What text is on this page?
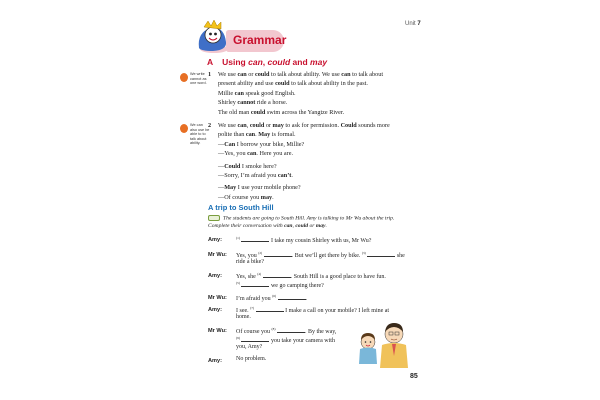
Unit 7
Grammar
A Using can, could and may
We write cannot as one word.
We can also use be able to to talk about ability.
1 We use can or could to talk about ability. We use can to talk about
present ability and use could to talk about ability in the past.
Millie can speak good English.
Shirley cannot ride a horse.
The old man could swim across the Yangtze River.
2 We use can, could or may to ask for permission. Could sounds more
polite than can. May is formal.
—Can I borrow your bike, Millie?
—Yes, you can. Here you are.
—Could I smoke here?
—Sorry, I’m afraid you can’t.
—May I use your mobile phone?
—Of course you may.
A trip to South Hill
The students are going to South Hill. Amy is talking to Mr Wu about the trip.
Complete their conversation with can, could or may.
Amy:	$^{(1)}$	I take my cousin Shirley with us, Mr Wu?
Mr Wu: Yes, you $^{(2)}$	. But we’ll get there by bike. $^{(3)}$	she
ride a bike?
Amy: Yes, she $^{(4)}$	. South Hill is a good place to have fun.
$^{(5)}$	we go camping there?
Mr Wu: I’m afraid you $^{(6)}$	.
Amy: I see. $^{(7)}$	I make a call on your mobile? I left mine at
home.
Mr Wu: Of course you $^{(8)}$	. By the way,
$^{(9)}$	you take your camera with
you, Amy?
Amy: No problem.
85
